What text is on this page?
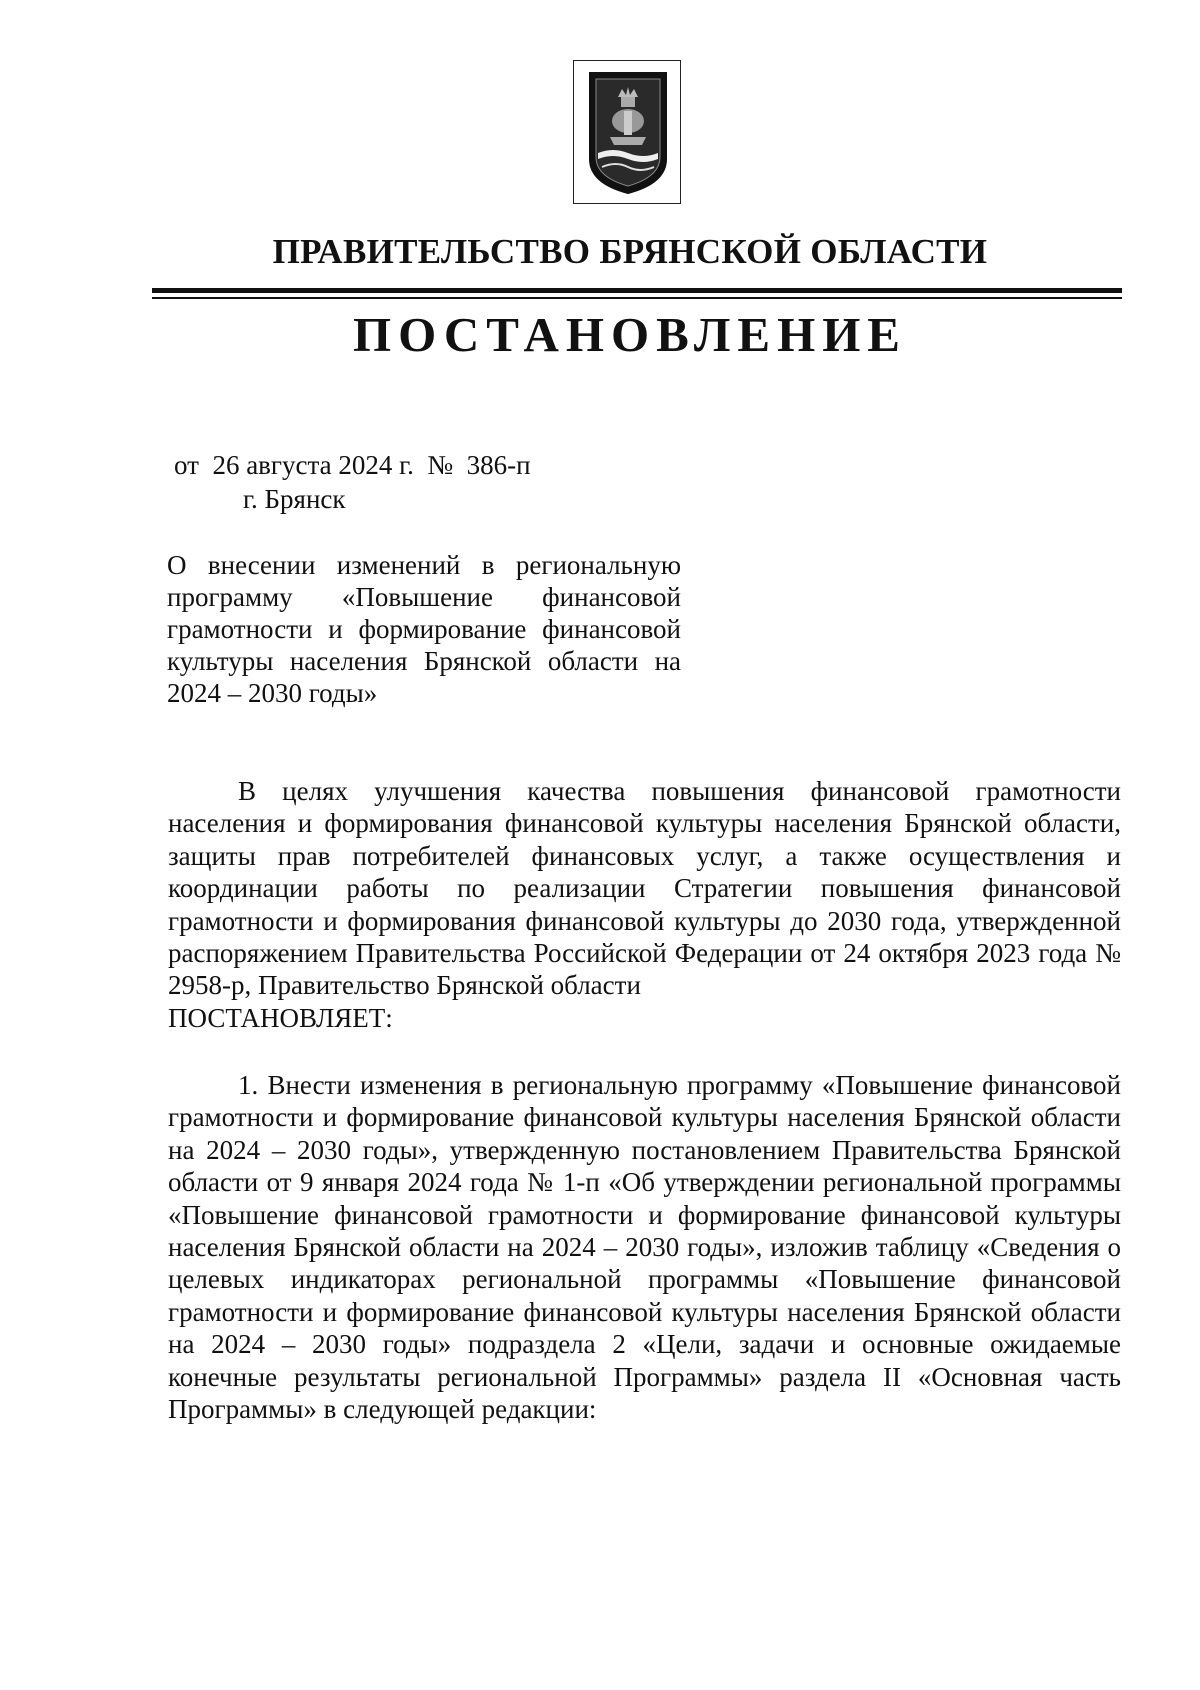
ПРАВИТЕЛЬСТВО БРЯНСКОЙ ОБЛАСТИ
ПОСТАНОВЛЕНИЕ
от  26 августа 2024 г.  №  386-п
г. Брянск
О внесении изменений в региональную программу «Повышение финансовой грамотности и формирование финансовой культуры населения Брянской области на 2024 – 2030 годы»
В целях улучшения качества повышения финансовой грамотности населения и формирования финансовой культуры населения Брянской области, защиты прав потребителей финансовых услуг, а также осуществления и координации работы по реализации Стратегии повышения финансовой грамотности и формирования финансовой культуры до 2030 года, утвержденной распоряжением Правительства Российской Федерации от 24 октября 2023 года № 2958-р, Правительство Брянской области
ПОСТАНОВЛЯЕТ:
1. Внести изменения в региональную программу «Повышение финансовой грамотности и формирование финансовой культуры населения Брянской области на 2024 – 2030 годы», утвержденную постановлением Правительства Брянской области от 9 января 2024 года № 1-п «Об утверждении региональной программы «Повышение финансовой грамотности и формирование финансовой культуры населения Брянской области на 2024 – 2030 годы», изложив таблицу «Сведения о целевых индикаторах региональной программы «Повышение финансовой грамотности и формирование финансовой культуры населения Брянской области на 2024 – 2030 годы» подраздела 2 «Цели, задачи и основные ожидаемые конечные результаты региональной Программы» раздела II «Основная часть Программы» в следующей редакции:
